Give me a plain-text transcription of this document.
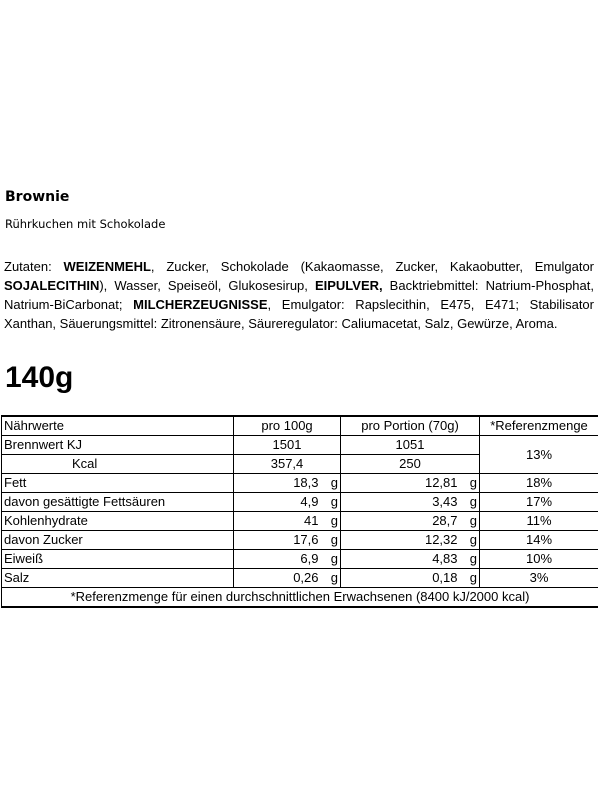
Brownie
Rührkuchen mit Schokolade
Zutaten: WEIZENMEHL, Zucker, Schokolade (Kakaomasse, Zucker, Kakaobutter, Emulgator SOJALECITHIN), Wasser, Speiseöl, Glukosesirup, EIPULVER, Backtriebmittel: Natrium-Phosphat, Natrium-BiCarbonat; MILCHERZEUGNISSE, Emulgator: Rapslecithin, E475, E471; Stabilisator Xanthan, Säuerungsmittel: Zitronensäure, Säureregulator: Caliumacetat, Salz, Gewürze, Aroma.
140g
Nährwerte	pro 100g		pro Portion (70g)		*Referenzmenge
Brennwert KJ	1501		1051		13%
Kcal	357,4		250		
Fett	18,3	g	12,81	g	18%
davon gesättigte Fettsäuren	4,9	g	3,43	g	17%
Kohlenhydrate	41	g	28,7	g	11%
davon Zucker	17,6	g	12,32	g	14%
Eiweiß	6,9	g	4,83	g	10%
Salz	0,26	g	0,18	g	3%
*Referenzmenge für einen durchschnittlichen Erwachsenen (8400 kJ/2000 kcal)					
